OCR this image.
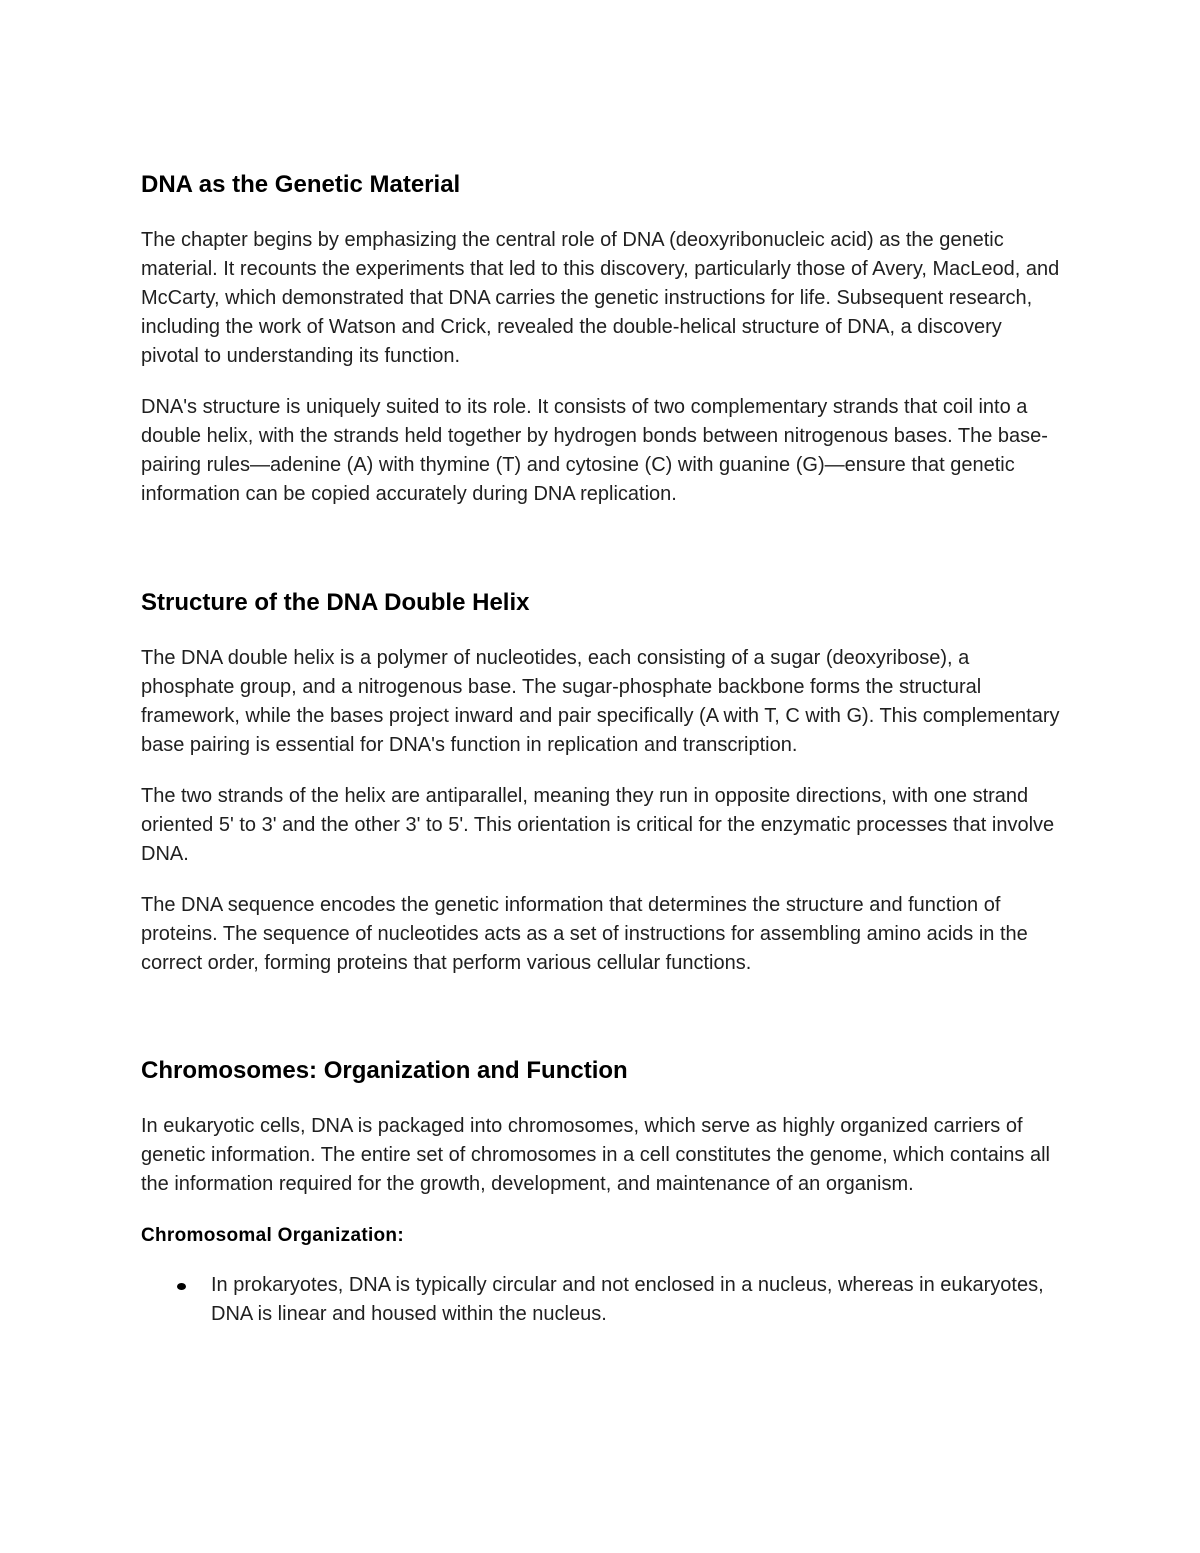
DNA as the Genetic Material

The chapter begins by emphasizing the central role of DNA (deoxyribonucleic acid) as the genetic material. It recounts the experiments that led to this discovery, particularly those of Avery, MacLeod, and McCarty, which demonstrated that DNA carries the genetic instructions for life. Subsequent research, including the work of Watson and Crick, revealed the double-helical structure of DNA, a discovery pivotal to understanding its function.

DNA's structure is uniquely suited to its role. It consists of two complementary strands that coil into a double helix, with the strands held together by hydrogen bonds between nitrogenous bases. The base-pairing rules—adenine (A) with thymine (T) and cytosine (C) with guanine (G)—ensure that genetic information can be copied accurately during DNA replication.

Structure of the DNA Double Helix

The DNA double helix is a polymer of nucleotides, each consisting of a sugar (deoxyribose), a phosphate group, and a nitrogenous base. The sugar-phosphate backbone forms the structural framework, while the bases project inward and pair specifically (A with T, C with G). This complementary base pairing is essential for DNA's function in replication and transcription.

The two strands of the helix are antiparallel, meaning they run in opposite directions, with one strand oriented 5' to 3' and the other 3' to 5'. This orientation is critical for the enzymatic processes that involve DNA.

The DNA sequence encodes the genetic information that determines the structure and function of proteins. The sequence of nucleotides acts as a set of instructions for assembling amino acids in the correct order, forming proteins that perform various cellular functions.

Chromosomes: Organization and Function

In eukaryotic cells, DNA is packaged into chromosomes, which serve as highly organized carriers of genetic information. The entire set of chromosomes in a cell constitutes the genome, which contains all the information required for the growth, development, and maintenance of an organism.

Chromosomal Organization:
In prokaryotes, DNA is typically circular and not enclosed in a nucleus, whereas in eukaryotes, DNA is linear and housed within the nucleus.
